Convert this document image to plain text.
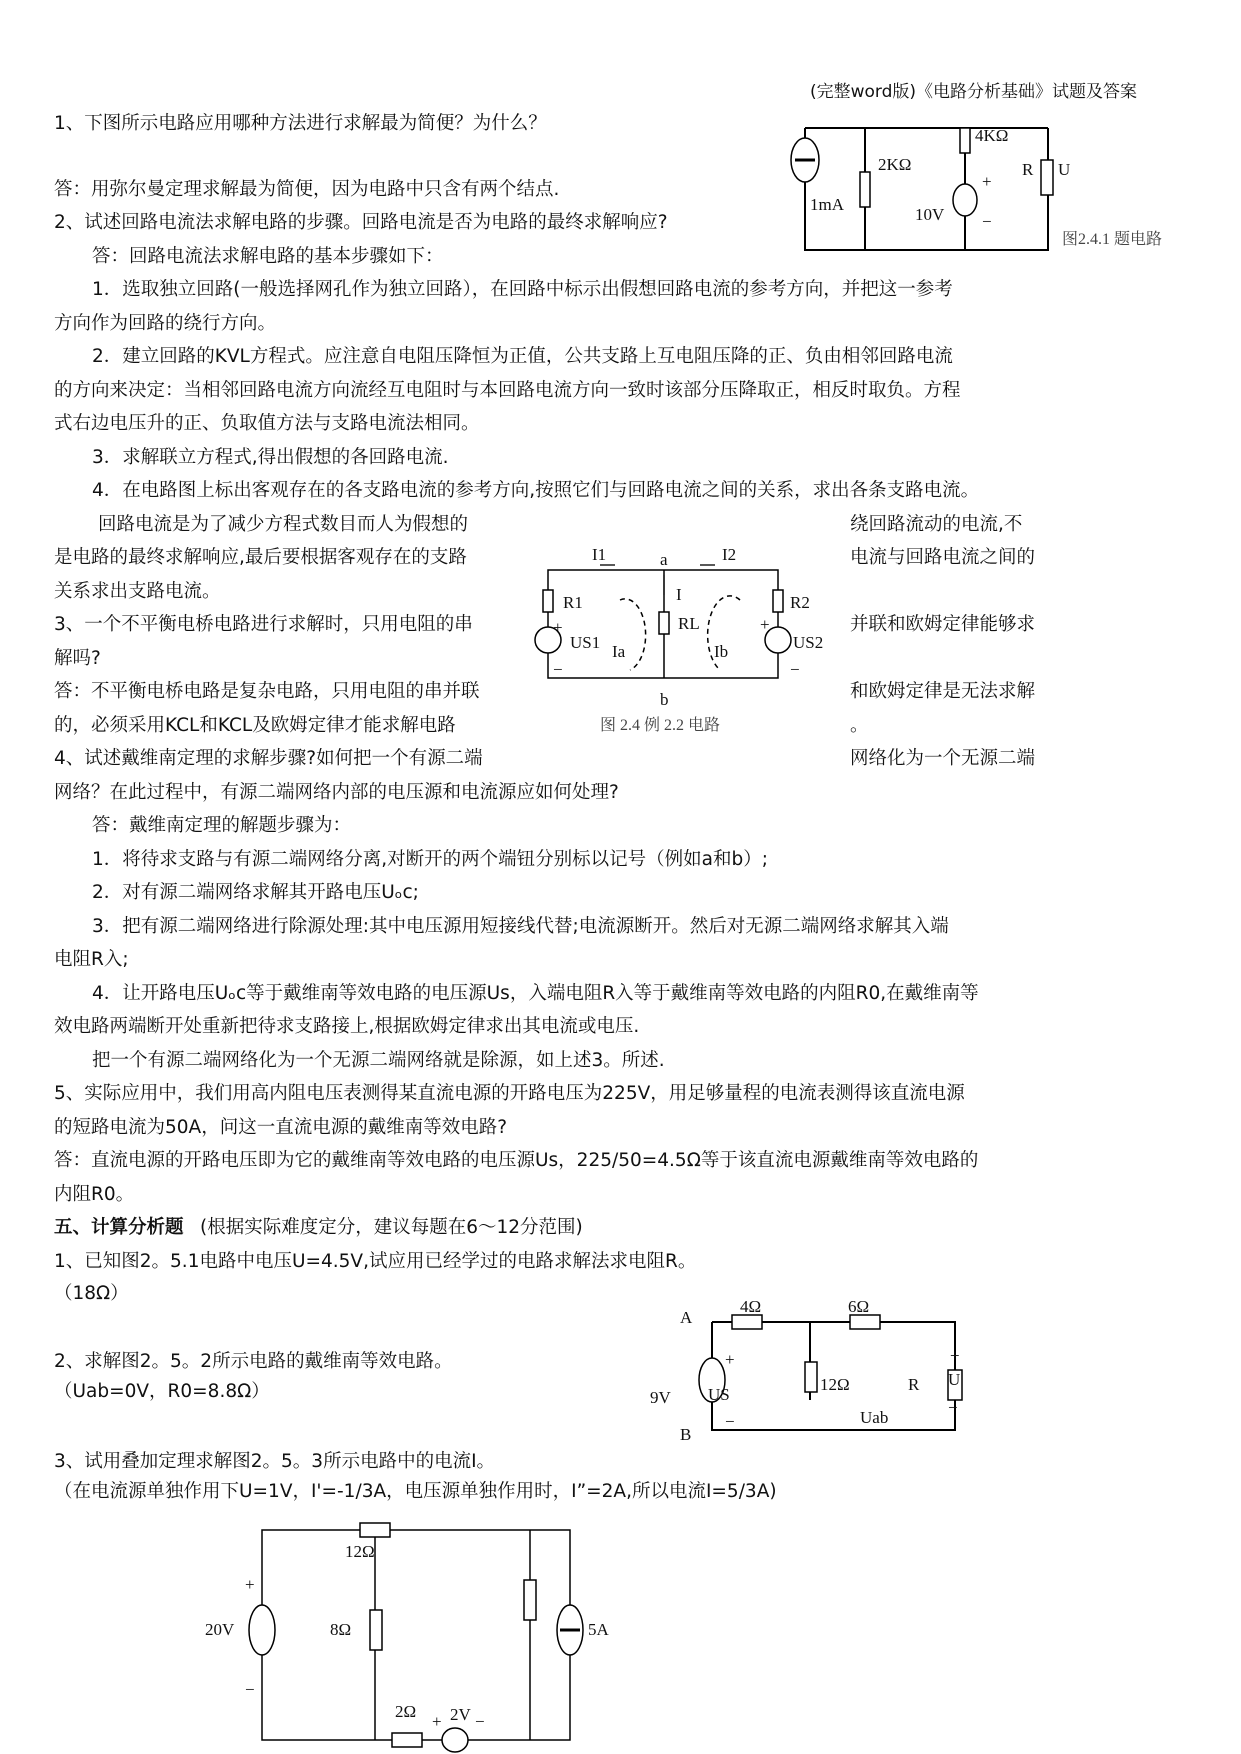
(完整word版)《电路分析基础》试题及答案
1、下图所示电路应用哪种方法进行求解最为简便？为什么？
答：用弥尔曼定理求解最为简便，因为电路中只含有两个结点.
2、试述回路电流法求解电路的步骤。回路电流是否为电路的最终求解响应?
答：回路电流法求解电路的基本步骤如下：
1．选取独立回路(一般选择网孔作为独立回路），在回路中标示出假想回路电流的参考方向，并把这一参考
方向作为回路的绕行方向。
2．建立回路的KVL方程式。应注意自电阻压降恒为正值，公共支路上互电阻压降的正、负由相邻回路电流
的方向来决定：当相邻回路电流方向流经互电阻时与本回路电流方向一致时该部分压降取正，相反时取负。方程
式右边电压升的正、负取值方法与支路电流法相同。
3．求解联立方程式,得出假想的各回路电流.
4．在电路图上标出客观存在的各支路电流的参考方向,按照它们与回路电流之间的关系，求出各条支路电流。
回路电流是为了减少方程式数目而人为假想的	绕回路流动的电流,不
是电路的最终求解响应,最后要根据客观存在的支路	电流与回路电流之间的
关系求出支路电流。
3、一个不平衡电桥电路进行求解时，只用电阻的串	并联和欧姆定律能够求
解吗?
答：不平衡电桥电路是复杂电路，只用电阻的串并联	和欧姆定律是无法求解
的，必须采用KCL和KCL及欧姆定律才能求解电路	。
4、试述戴维南定理的求解步骤?如何把一个有源二端	网络化为一个无源二端
网络？在此过程中，有源二端网络内部的电压源和电流源应如何处理?
答：戴维南定理的解题步骤为：
1．将待求支路与有源二端网络分离,对断开的两个端钮分别标以记号（例如a和b）;
2．对有源二端网络求解其开路电压Uₒc;
3．把有源二端网络进行除源处理:其中电压源用短接线代替;电流源断开。然后对无源二端网络求解其入端
电阻R入;
4．让开路电压Uₒc等于戴维南等效电路的电压源Us，入端电阻R入等于戴维南等效电路的内阻R0,在戴维南等
效电路两端断开处重新把待求支路接上,根据欧姆定律求出其电流或电压.
把一个有源二端网络化为一个无源二端网络就是除源，如上述3。所述.
5、实际应用中，我们用高内阻电压表测得某直流电源的开路电压为225V，用足够量程的电流表测得该直流电源
的短路电流为50A，问这一直流电源的戴维南等效电路?
答：直流电源的开路电压即为它的戴维南等效电路的电压源Us，225/50=4.5Ω等于该直流电源戴维南等效电路的
内阻R0。
1、已知图2。5.1电路中电压U=4.5V,试应用已经学过的电路求解法求电阻R。
（18Ω）
2、求解图2。5。2所示电路的戴维南等效电路。
（Uab=0V，R0=8.8Ω）
3、试用叠加定理求解图2。5。3所示电路中的电流I。
（在电流源单独作用下U=1V，I'=-1/3A，电压源单独作用时，I”=2A,所以电流I=5/3A)
五、计算分析题 (根据实际难度定分，建议每题在6～12分范围)
4KΩ
2KΩ	R U
1mA
10V
+
−
I1	a	I2
I
R1	R2
RL
US1	US2
Ia	Ib
b
+	+
−	−
4Ω	6Ω
A
12Ω	R U
9V US
12Ω
Uab
B
+
−
+
−
20V	8Ω
2Ω 2V
5A
+
−
+ −
图2.4.1 题电路
图 2.4 例 2.2 电路
